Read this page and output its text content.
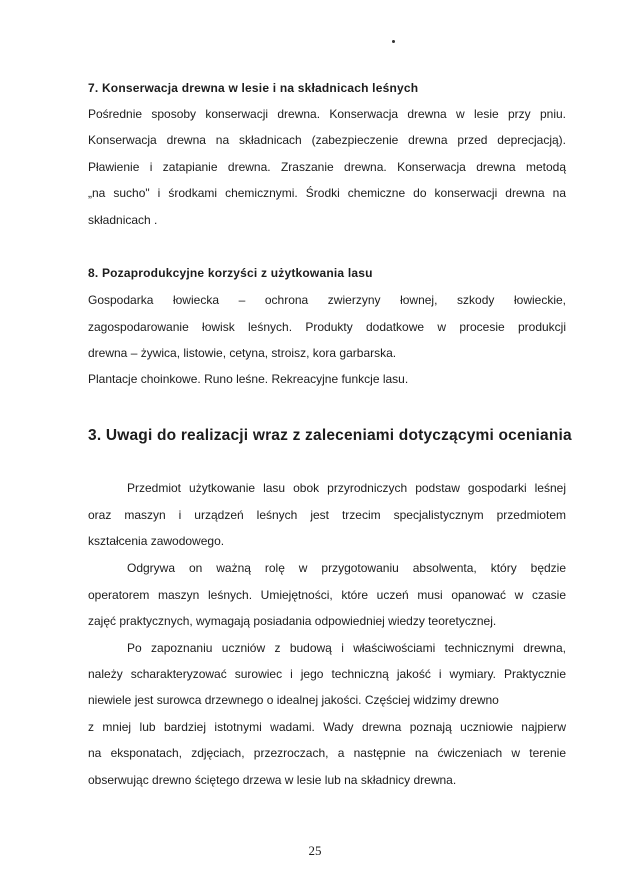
7. Konserwacja drewna w lesie i na składnicach leśnych
Pośrednie sposoby konserwacji drewna. Konserwacja drewna w lesie przy pniu.
Konserwacja drewna na składnicach (zabezpieczenie drewna przed deprecjacją).
Pławienie i zatapianie drewna. Zraszanie drewna. Konserwacja drewna metodą
„na sucho" i środkami chemicznymi. Środki chemiczne do konserwacji drewna na
składnicach .
8. Pozaprodukcyjne korzyści z użytkowania lasu
Gospodarka łowiecka – ochrona zwierzyny łownej, szkody łowieckie,
zagospodarowanie łowisk leśnych. Produkty dodatkowe w procesie produkcji
drewna – żywica, listowie, cetyna, stroisz, kora garbarska.
Plantacje choinkowe. Runo leśne. Rekreacyjne funkcje lasu.
3. Uwagi do realizacji wraz z zaleceniami dotyczącymi oceniania
Przedmiot użytkowanie lasu obok przyrodniczych podstaw gospodarki leśnej
oraz maszyn i urządzeń leśnych jest trzecim specjalistycznym przedmiotem
kształcenia zawodowego.
Odgrywa on ważną rolę w przygotowaniu absolwenta, który będzie
operatorem maszyn leśnych. Umiejętności, które uczeń musi opanować w czasie
zajęć praktycznych, wymagają posiadania odpowiedniej wiedzy teoretycznej.
Po zapoznaniu uczniów z budową i właściwościami technicznymi drewna,
należy scharakteryzować surowiec i jego techniczną jakość i wymiary. Praktycznie
niewiele jest surowca drzewnego o idealnej jakości. Częściej widzimy drewno
z mniej lub bardziej istotnymi wadami. Wady drewna poznają uczniowie najpierw
na eksponatach, zdjęciach, przezroczach, a następnie na ćwiczeniach w terenie
obserwując drewno ściętego drzewa w lesie lub na składnicy drewna.
25
